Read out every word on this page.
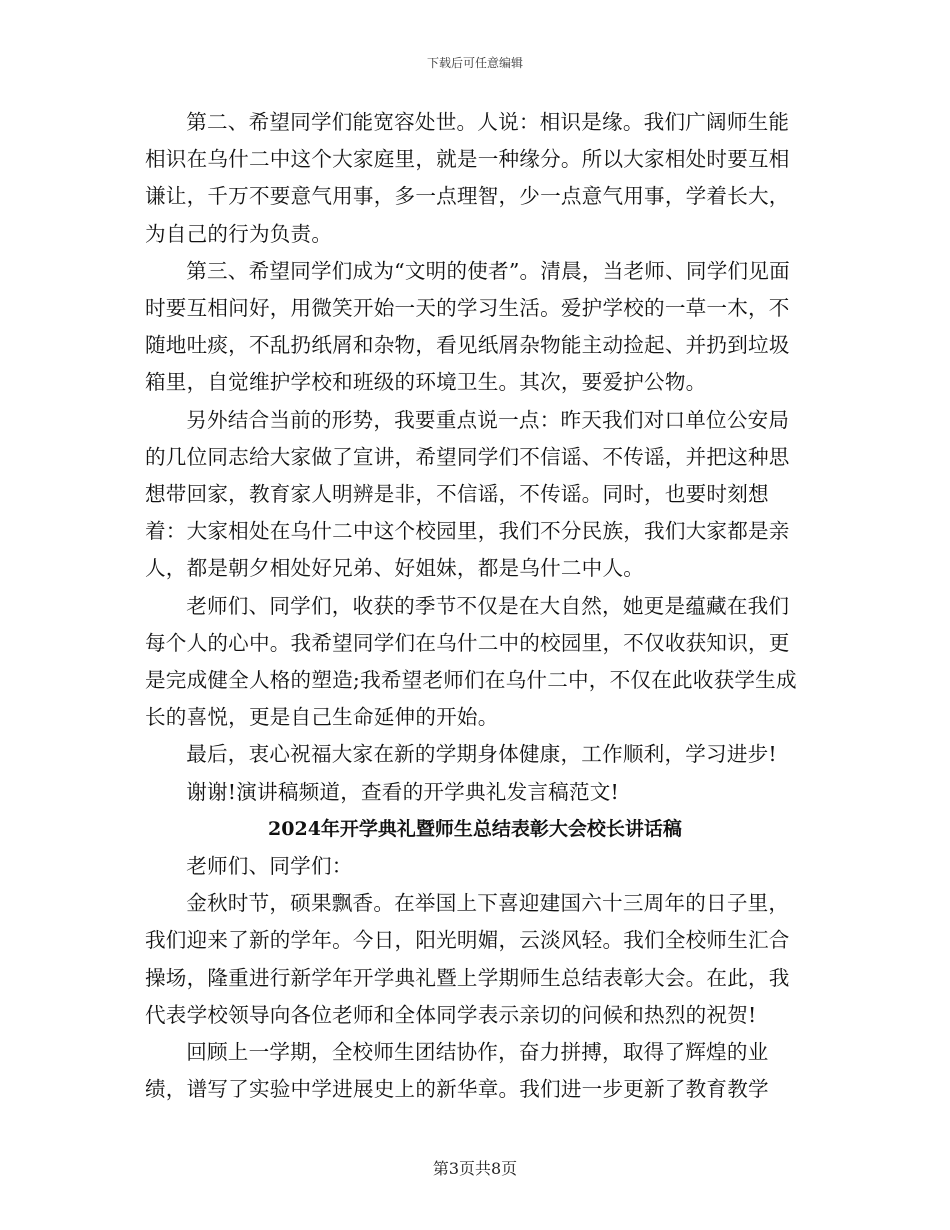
下载后可任意编辑

第二、希望同学们能宽容处世。人说：相识是缘。我们广阔师生能相识在乌什二中这个大家庭里，就是一种缘分。所以大家相处时要互相谦让，千万不要意气用事，多一点理智，少一点意气用事，学着长大，为自己的行为负责。

第三、希望同学们成为“文明的使者”。清晨，当老师、同学们见面时要互相问好，用微笑开始一天的学习生活。爱护学校的一草一木，不随地吐痰，不乱扔纸屑和杂物，看见纸屑杂物能主动捡起、并扔到垃圾箱里，自觉维护学校和班级的环境卫生。其次，要爱护公物。

另外结合当前的形势，我要重点说一点：昨天我们对口单位公安局的几位同志给大家做了宣讲，希望同学们不信谣、不传谣，并把这种思想带回家，教育家人明辨是非，不信谣，不传谣。同时，也要时刻想着：大家相处在乌什二中这个校园里，我们不分民族，我们大家都是亲人，都是朝夕相处好兄弟、好姐妹，都是乌什二中人。

老师们、同学们，收获的季节不仅是在大自然，她更是蕴藏在我们每个人的心中。我希望同学们在乌什二中的校园里，不仅收获知识，更是完成健全人格的塑造;我希望老师们在乌什二中，不仅在此收获学生成长的喜悦，更是自己生命延伸的开始。

最后，衷心祝福大家在新的学期身体健康，工作顺利，学习进步!

谢谢!演讲稿频道，查看的开学典礼发言稿范文!

2024年开学典礼暨师生总结表彰大会校长讲话稿

老师们、同学们：

金秋时节，硕果飘香。在举国上下喜迎建国六十三周年的日子里，我们迎来了新的学年。今日，阳光明媚，云淡风轻。我们全校师生汇合操场，隆重进行新学年开学典礼暨上学期师生总结表彰大会。在此，我代表学校领导向各位老师和全体同学表示亲切的问候和热烈的祝贺!

回顾上一学期，全校师生团结协作，奋力拼搏，取得了辉煌的业绩，谱写了实验中学进展史上的新华章。我们进一步更新了教育教学

第3页共8页
